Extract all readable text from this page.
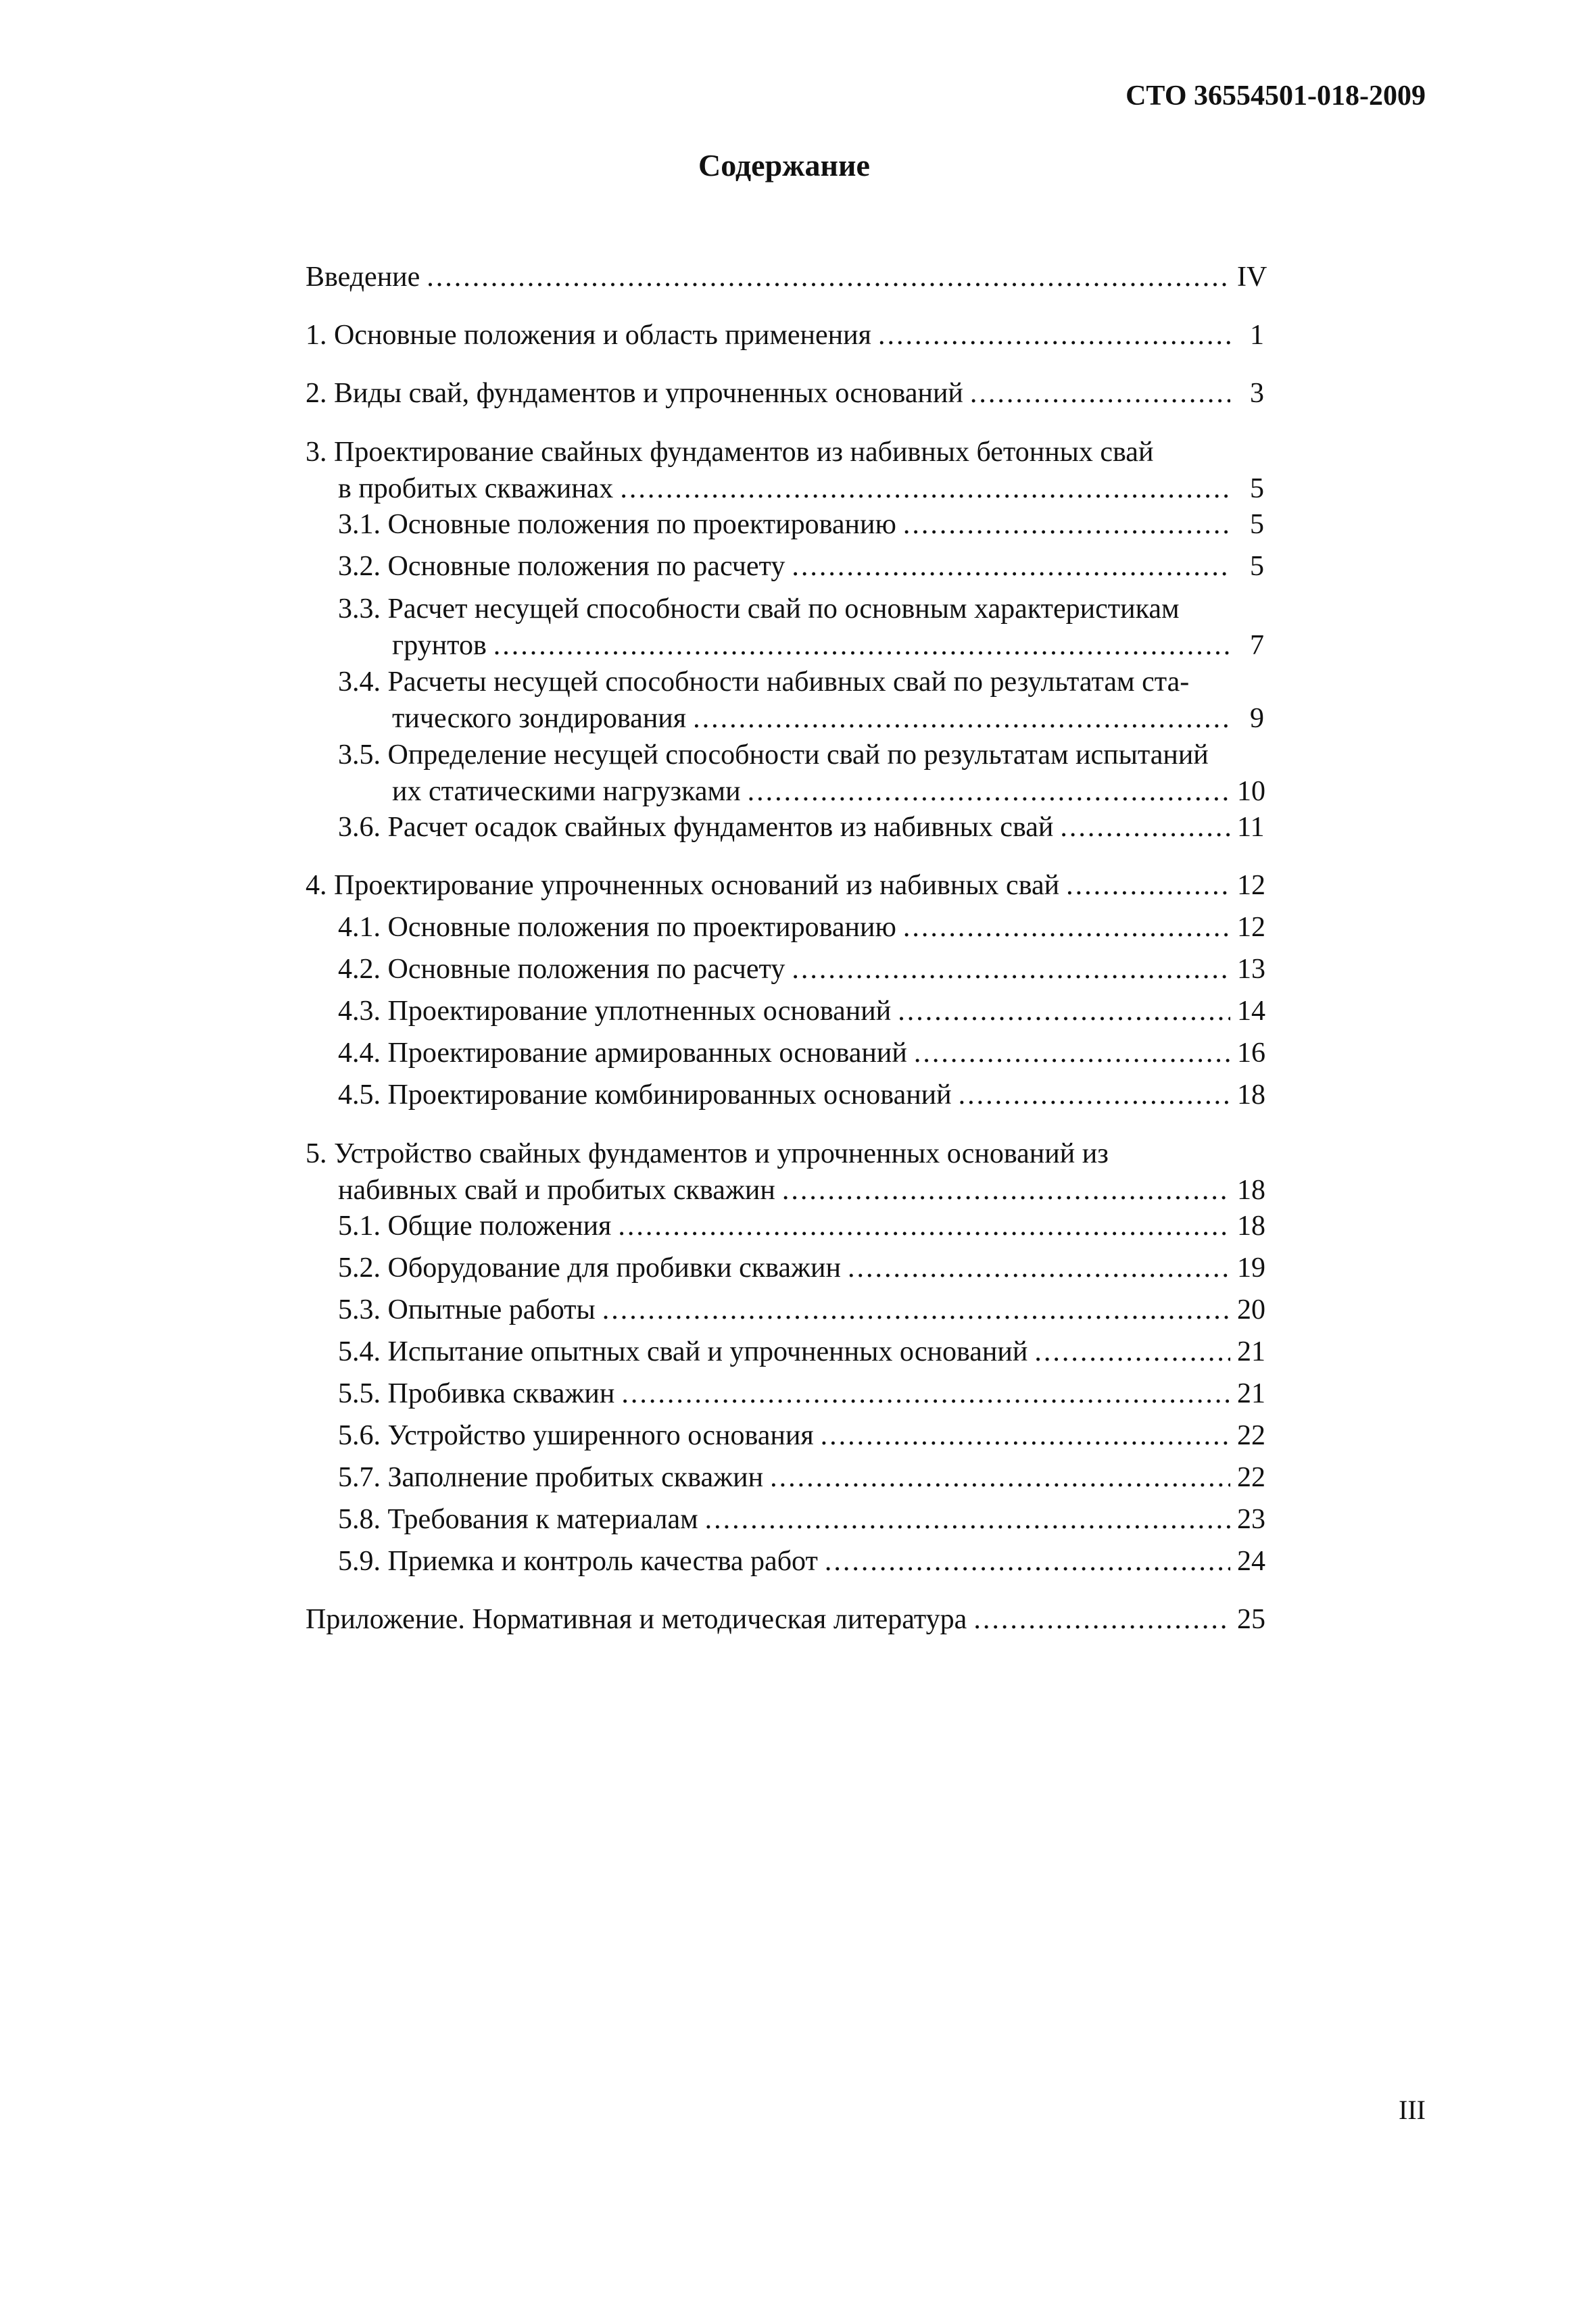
СТО 36554501-018-2009
Содержание
Введение .....	IV
1. Основные положения и область применения .....	1
2. Виды свай, фундаментов и упрочненных оснований .....	3
3. Проектирование свайных фундаментов из набивных бетонных свай
в пробитых скважинах .....	5
3.1. Основные положения по проектированию .....	5
3.2. Основные положения по расчету .....	5
3.3. Расчет несущей способности свай по основным характеристикам
грунтов .....	7
3.4. Расчеты несущей способности набивных свай по результатам ста-
тического зондирования .....	9
3.5. Определение несущей способности свай по результатам испытаний
их статическими нагрузками .....	10
3.6. Расчет осадок свайных фундаментов из набивных свай .....	11
4. Проектирование упрочненных оснований из набивных свай .....	12
4.1. Основные положения по проектированию .....	12
4.2. Основные положения по расчету .....	13
4.3. Проектирование уплотненных оснований .....	14
4.4. Проектирование армированных оснований .....	16
4.5. Проектирование комбинированных оснований .....	18
5. Устройство свайных фундаментов и упрочненных оснований из
набивных свай и пробитых скважин .....	18
5.1. Общие положения .....	18
5.2. Оборудование для пробивки скважин .....	19
5.3. Опытные работы .....	20
5.4. Испытание опытных свай и упрочненных оснований .....	21
5.5. Пробивка скважин .....	21
5.6. Устройство уширенного основания .....	22
5.7. Заполнение пробитых скважин .....	22
5.8. Требования к материалам .....	23
5.9. Приемка и контроль качества работ .....	24
Приложение. Нормативная и методическая литература .....	25
III
